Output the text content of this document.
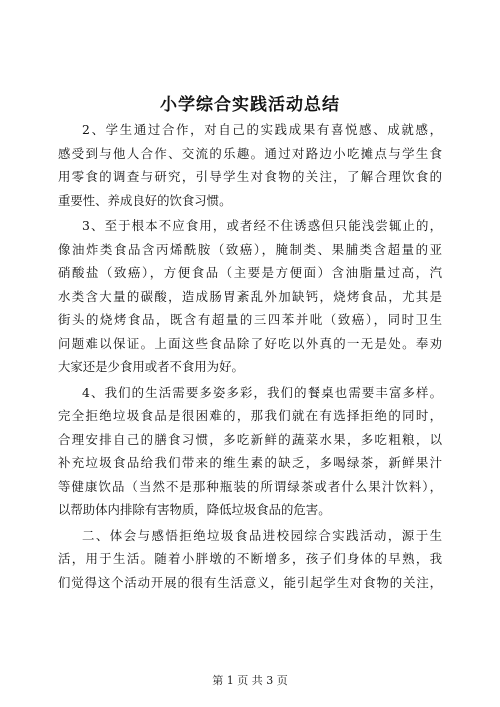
小学综合实践活动总结
2、学生通过合作，对自己的实践成果有喜悦感、成就感，
感受到与他人合作、交流的乐趣。通过对路边小吃摊点与学生食
用零食的调查与研究，引导学生对食物的关注，了解合理饮食的
重要性、养成良好的饮食习惯。
3、至于根本不应食用，或者经不住诱惑但只能浅尝辄止的，
像油炸类食品含丙烯酰胺（致癌），腌制类、果脯类含超量的亚
硝酸盐（致癌），方便食品（主要是方便面）含油脂量过高，汽
水类含大量的碳酸，造成肠胃紊乱外加缺钙，烧烤食品，尤其是
街头的烧烤食品，既含有超量的三四苯并吡（致癌），同时卫生
问题难以保证。上面这些食品除了好吃以外真的一无是处。奉劝
大家还是少食用或者不食用为好。
4、我们的生活需要多姿多彩，我们的餐桌也需要丰富多样。
完全拒绝垃圾食品是很困难的，那我们就在有选择拒绝的同时，
合理安排自己的膳食习惯，多吃新鲜的蔬菜水果，多吃粗粮，以
补充垃圾食品给我们带来的维生素的缺乏，多喝绿茶，新鲜果汁
等健康饮品（当然不是那种瓶装的所谓绿茶或者什么果汁饮料），
以帮助体内排除有害物质，降低垃圾食品的危害。
二、体会与感悟拒绝垃圾食品进校园综合实践活动，源于生
活，用于生活。随着小胖墩的不断增多，孩子们身体的早熟，我
们觉得这个活动开展的很有生活意义，能引起学生对食物的关注，
第 1 页 共 3 页
